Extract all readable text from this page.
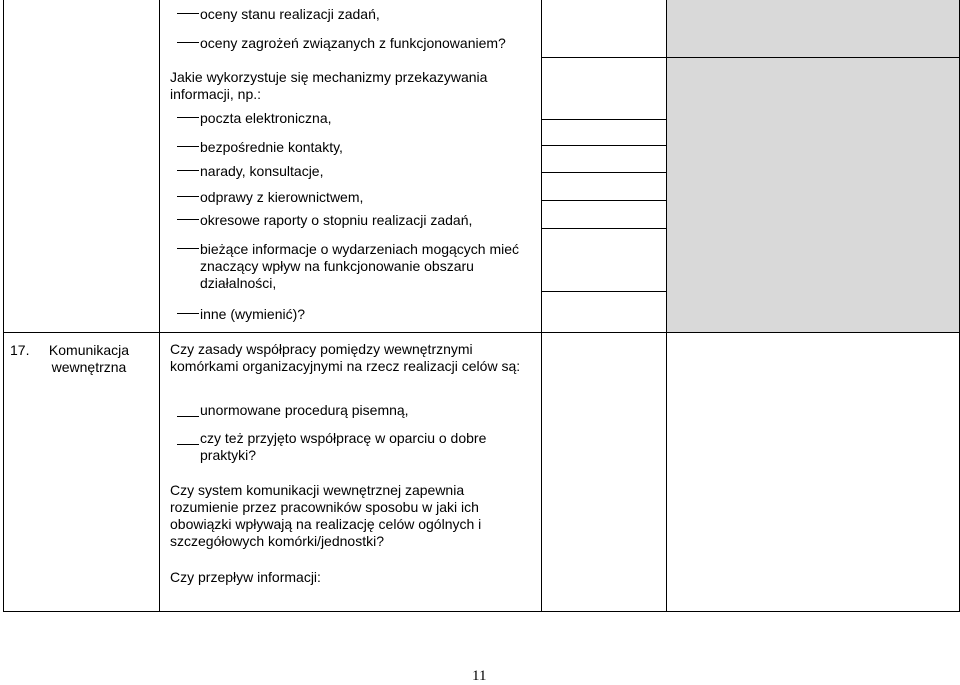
oceny stanu realizacji zadań,
oceny zagrożeń związanych z funkcjonowaniem?
Jakie wykorzystuje się mechanizmy przekazywania informacji, np.:
poczta elektroniczna,
bezpośrednie kontakty,
narady, konsultacje,
odprawy z kierownictwem,
okresowe raporty o stopniu realizacji zadań,
bieżące informacje o wydarzeniach mogących mieć znaczący wpływ na funkcjonowanie obszaru działalności,
inne (wymienić)?
17.	Komunikacja wewnętrzna
Czy zasady współpracy pomiędzy wewnętrznymi komórkami organizacyjnymi na rzecz realizacji celów są:
unormowane procedurą pisemną,
czy też przyjęto współpracę w oparciu o dobre praktyki?
Czy system komunikacji wewnętrznej zapewnia rozumienie przez pracowników sposobu w jaki ich obowiązki wpływają na realizację celów ogólnych i szczegółowych komórki/jednostki?
Czy przepływ informacji:
11
